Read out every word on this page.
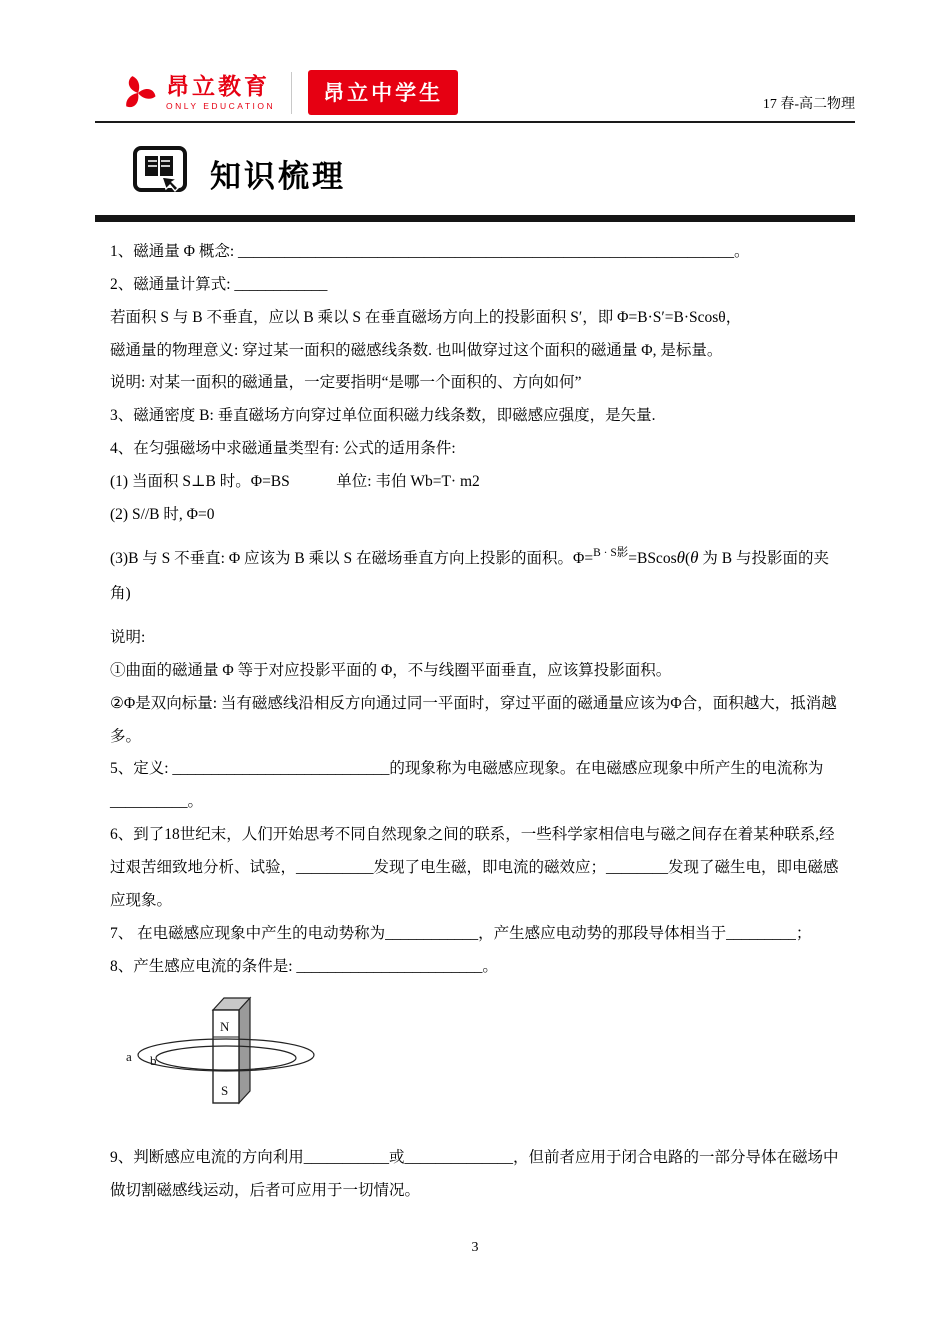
昂立教育
ONLY EDUCATION
昂立中学生	17 春-高二物理
知识梳理

1、磁通量 Φ 概念: ________________________________________________________________。

2、磁通量计算式: ____________

若面积 S 与 B 不垂直，应以 B 乘以 S 在垂直磁场方向上的投影面积 S′，即 Φ=B·S′=B·Scosθ，

磁通量的物理意义: 穿过某一面积的磁感线条数. 也叫做穿过这个面积的磁通量 Φ, 是标量。

说明: 对某一面积的磁通量，一定要指明“是哪一个面积的、方向如何”

3、磁通密度 B: 垂直磁场方向穿过单位面积磁力线条数，即磁感应强度，是矢量.

4、在匀强磁场中求磁通量类型有: 公式的适用条件:

(1) 当面积 S⊥B 时。Φ=BS　　　单位: 韦伯 Wb=T· m2

(2) S//B 时, Φ=0

(3)B 与 S 不垂直: Φ 应该为 B 乘以 S 在磁场垂直方向上投影的面积。Φ=$^{B \cdot S影}$=BScosθ(θ 为 B 与投影面的夹角)

说明:

①曲面的磁通量 Φ 等于对应投影平面的 Φ，不与线圈平面垂直，应该算投影面积。

②Φ是双向标量: 当有磁感线沿相反方向通过同一平面时，穿过平面的磁通量应该为Φ合，面积越大，抵消越多。

5、定义: ____________________________的现象称为电磁感应现象。在电磁感应现象中所产生的电流称为__________。

6、到了18世纪末，人们开始思考不同自然现象之间的联系，一些科学家相信电与磁之间存在着某种联系,经过艰苦细致地分析、试验，__________发现了电生磁，即电流的磁效应；________发现了磁生电，即电磁感应现象。

7、 在电磁感应现象中产生的电动势称为____________，产生感应电动势的那段导体相当于_________；

8、产生感应电流的条件是: ________________________。

N
S
a b

9、判断感应电流的方向利用___________或______________，但前者应用于闭合电路的一部分导体在磁场中做切割磁感线运动，后者可应用于一切情况。

3
